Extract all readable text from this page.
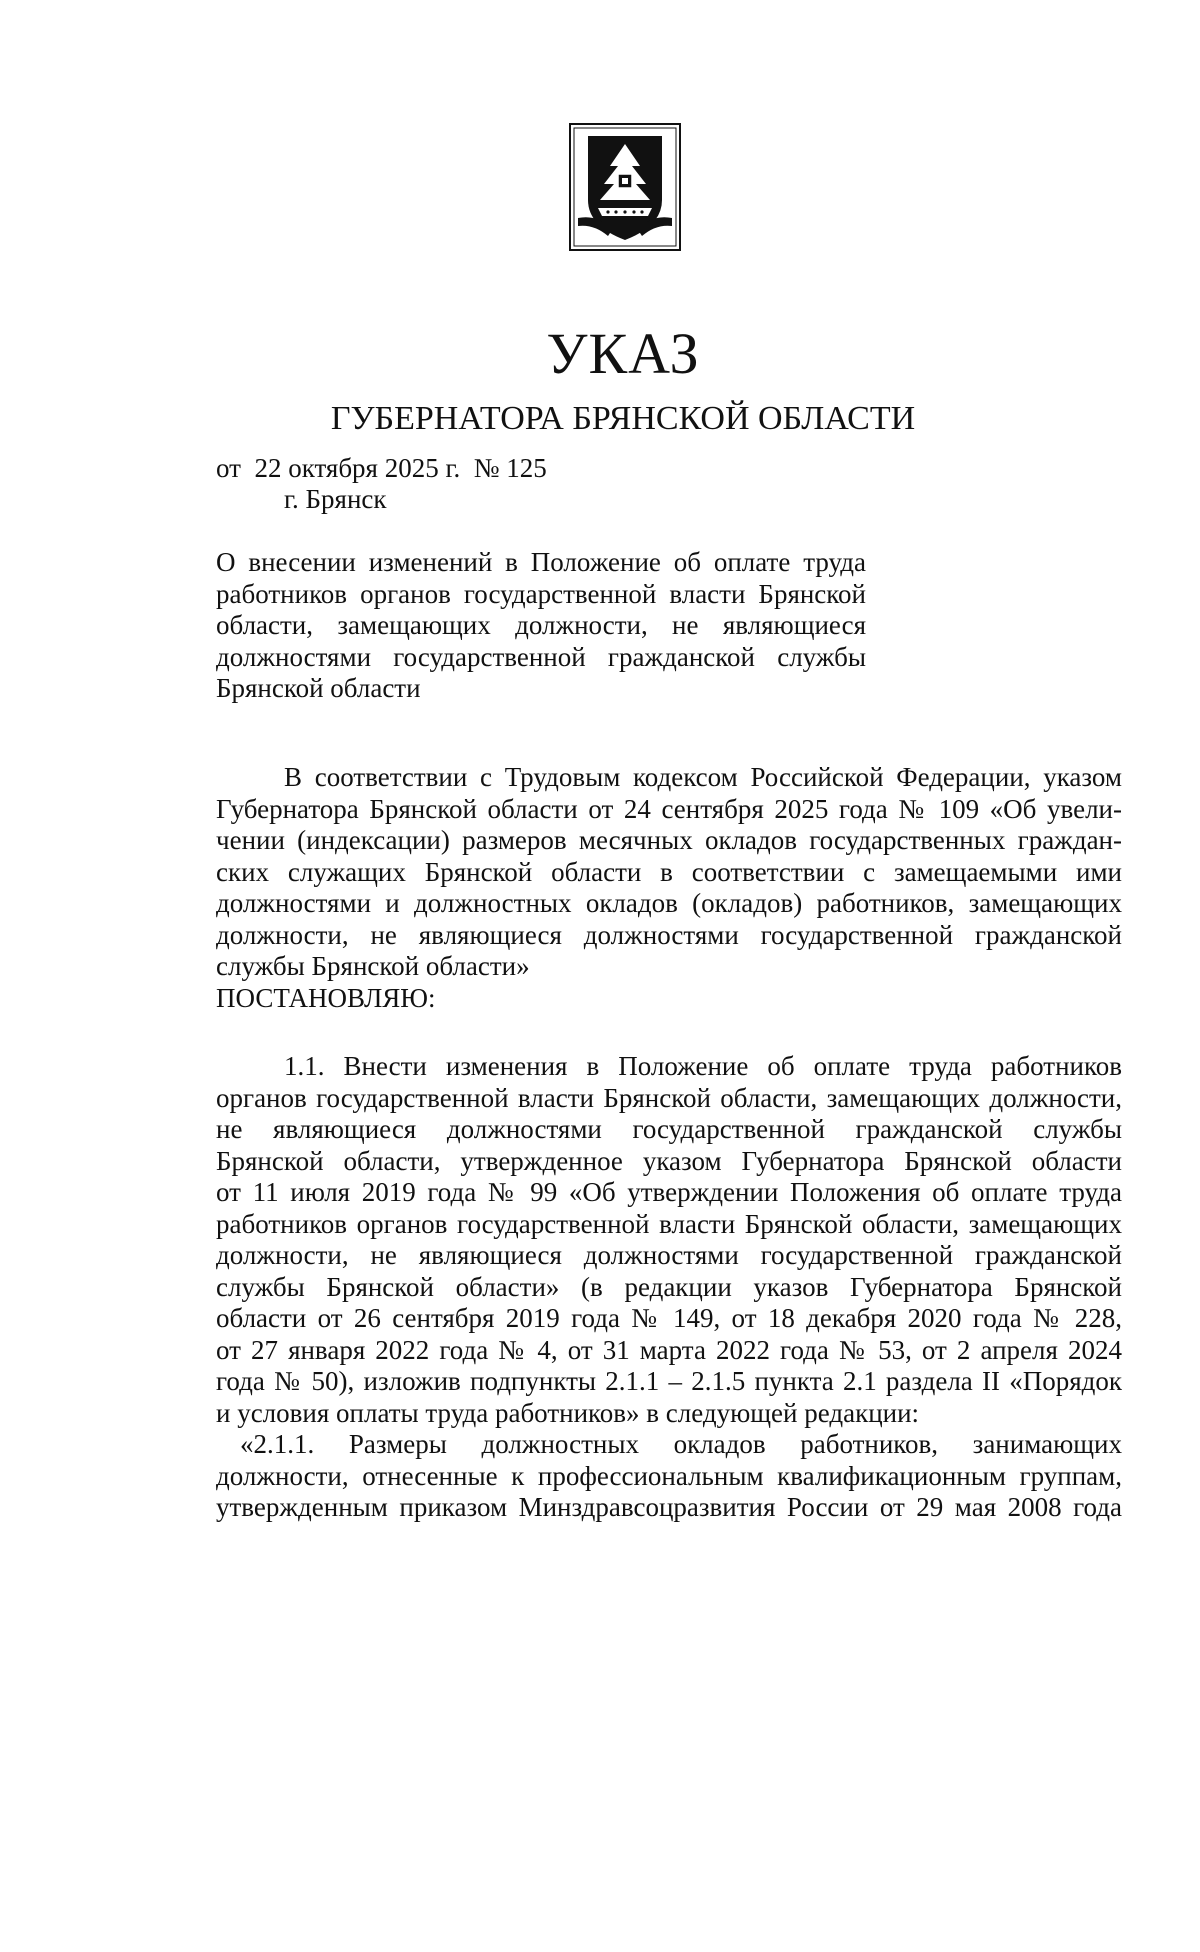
УКАЗ
ГУБЕРНАТОРА БРЯНСКОЙ ОБЛАСТИ
от  22 октября 2025 г.  № 125
г. Брянск
О внесении изменений в Положение об оплате труда
работников органов государственной власти Брянской
области, замещающих должности, не являющиеся
должностями государственной гражданской службы
Брянской области
В соответствии с Трудовым кодексом Российской Федерации, указом
Губернатора Брянской области от 24 сентября 2025 года № 109 «Об увели-
чении (индексации) размеров месячных окладов государственных граждан-
ских служащих Брянской области в соответствии с замещаемыми ими
должностями и должностных окладов (окладов) работников, замещающих
должности, не являющиеся должностями государственной гражданской
службы Брянской области»
ПОСТАНОВЛЯЮ:
1.1. Внести изменения в Положение об оплате труда работников
органов государственной власти Брянской области, замещающих должности,
не являющиеся должностями государственной гражданской службы
Брянской области, утвержденное указом Губернатора Брянской области
от 11 июля 2019 года № 99 «Об утверждении Положения об оплате труда
работников органов государственной власти Брянской области, замещающих
должности, не являющиеся должностями государственной гражданской
службы Брянской области» (в редакции указов Губернатора Брянской
области от 26 сентября 2019 года № 149, от 18 декабря 2020 года № 228,
от 27 января 2022 года № 4, от 31 марта 2022 года № 53, от 2 апреля 2024
года № 50), изложив подпункты 2.1.1 – 2.1.5 пункта 2.1 раздела II «Порядок
и условия оплаты труда работников» в следующей редакции:
«2.1.1. Размеры должностных окладов работников, занимающих
должности, отнесенные к профессиональным квалификационным группам,
утвержденным приказом Минздравсоцразвития России от 29 мая 2008 года
